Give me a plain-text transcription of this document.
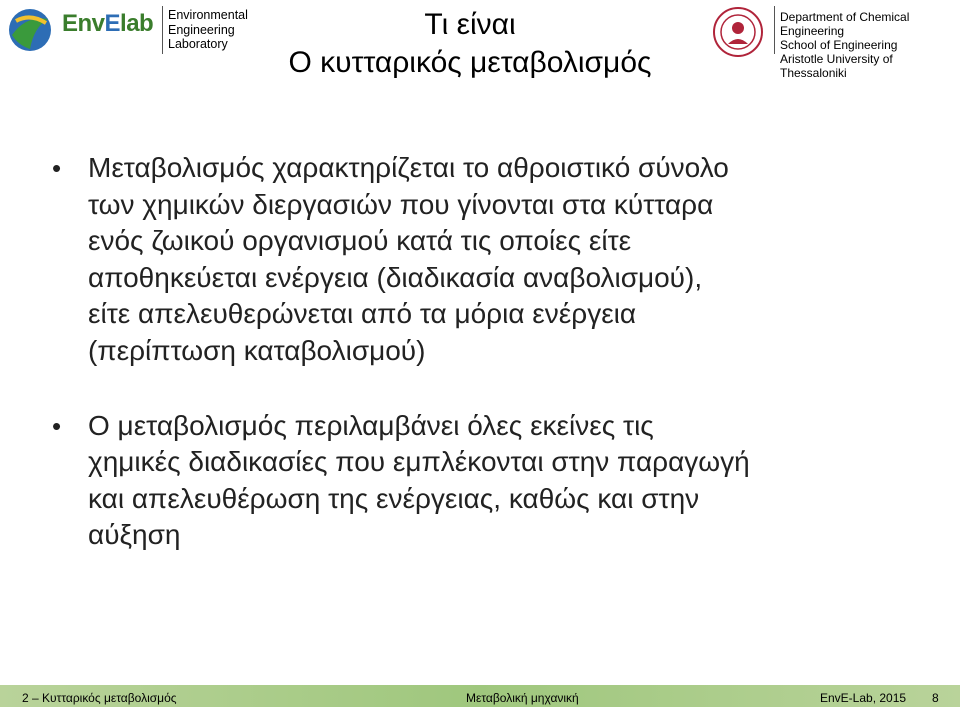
EnvElab Environmental
Engineering
Laboratory
Τι είναι
Ο κυτταρικός μεταβολισμός
Department of Chemical Engineering
School of Engineering
Aristotle University of Thessaloniki
• Μεταβολισμός χαρακτηρίζεται το αθροιστικό σύνολο
των χημικών διεργασιών που γίνονται στα κύτταρα
ενός ζωικού οργανισμού κατά τις οποίες είτε
αποθηκεύεται ενέργεια (διαδικασία αναβολισμού),
είτε απελευθερώνεται από τα μόρια ενέργεια
(περίπτωση καταβολισμού)
• Ο μεταβολισμός περιλαμβάνει όλες εκείνες τις
χημικές διαδικασίες που εμπλέκονται στην παραγωγή
και απελευθέρωση της ενέργειας, καθώς και στην
αύξηση
2 – Κυτταρικός μεταβολισμός	Μεταβολική μηχανική	EnvE-Lab, 2015 8
